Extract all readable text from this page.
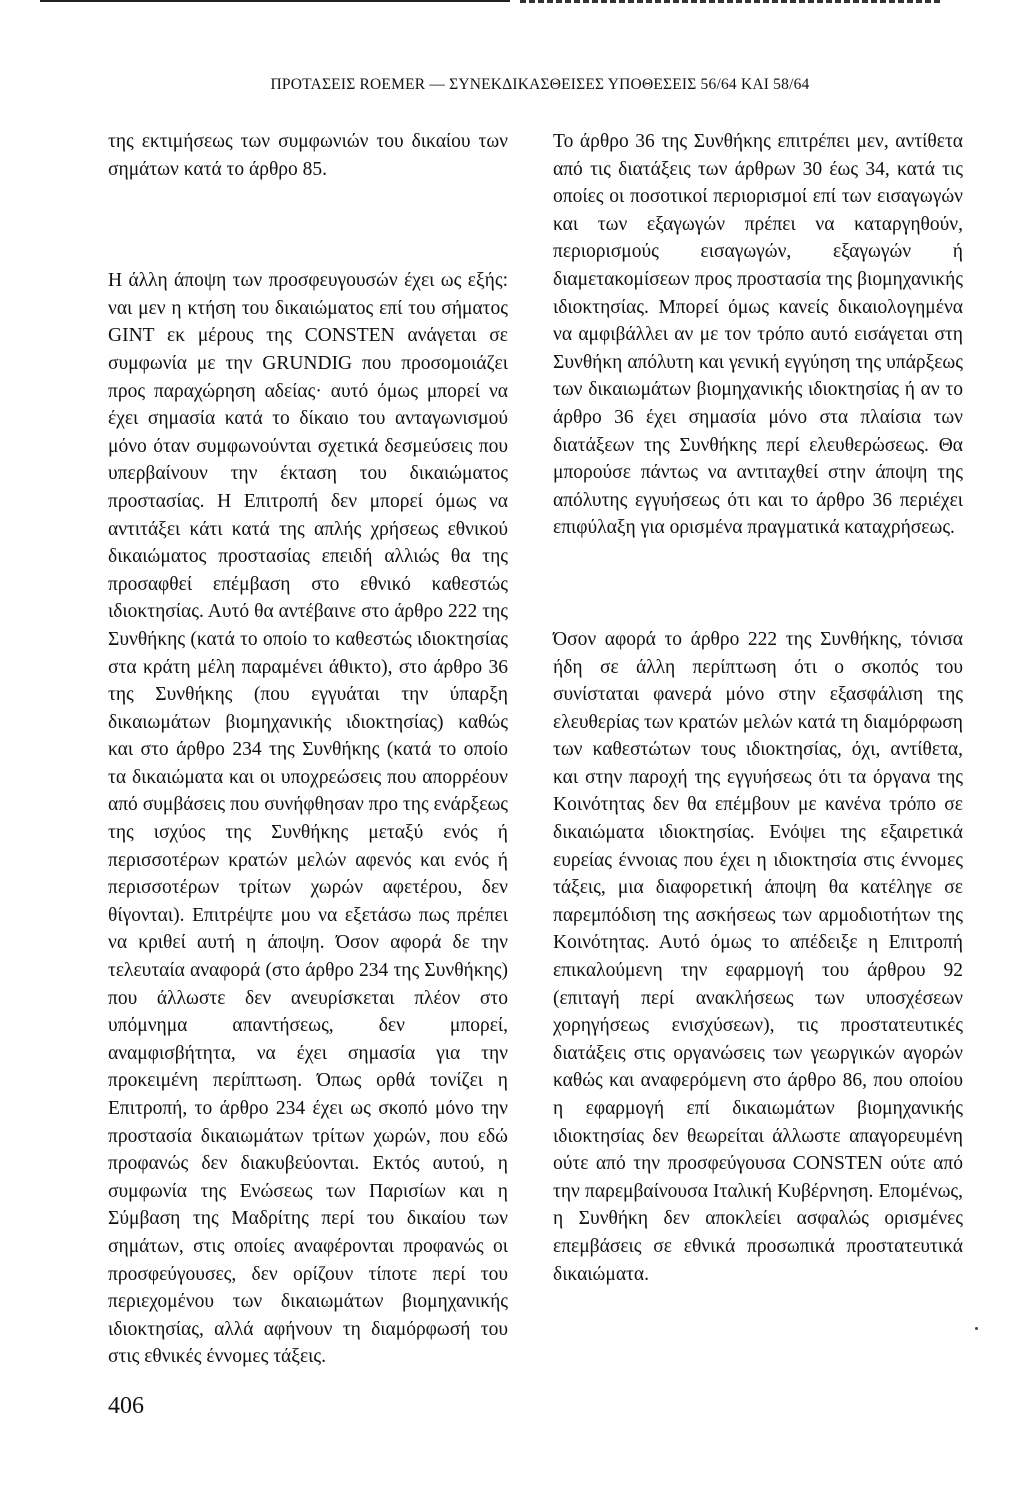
ΠΡΟΤΑΣΕΙΣ ROEMER — ΣΥΝΕΚΔΙΚΑΣΘΕΙΣΕΣ ΥΠΟΘΕΣΕΙΣ 56/64 ΚΑΙ 58/64

της εκτιμήσεως των συμφωνιών του δικαίου των σημάτων κατά το άρθρο 85.

Η άλλη άποψη των προσφευγουσών έχει ως εξής: ναι μεν η κτήση του δικαιώματος επί του σήματος GINT εκ μέρους της CONSTEN ανάγεται σε συμφωνία με την GRUNDIG που προσομοιάζει προς παραχώρηση αδείας· αυτό όμως μπορεί να έχει σημασία κατά το δίκαιο του ανταγωνισμού μόνο όταν συμφωνούνται σχετικά δεσμεύσεις που υπερβαίνουν την έκταση του δικαιώματος προστασίας. Η Επιτροπή δεν μπορεί όμως να αντιτάξει κάτι κατά της απλής χρήσεως εθνικού δικαιώματος προστασίας επειδή αλλιώς θα της προσαφθεί επέμβαση στο εθνικό καθεστώς ιδιοκτησίας. Αυτό θα αντέβαινε στο άρθρο 222 της Συνθήκης (κατά το οποίο το καθεστώς ιδιοκτησίας στα κράτη μέλη παραμένει άθικτο), στο άρθρο 36 της Συνθήκης (που εγγυάται την ύπαρξη δικαιωμάτων βιομηχανικής ιδιοκτησίας) καθώς και στο άρθρο 234 της Συνθήκης (κατά το οποίο τα δικαιώματα και οι υποχρεώσεις που απορρέουν από συμβάσεις που συνήφθησαν προ της ενάρξεως της ισχύος της Συνθήκης μεταξύ ενός ή περισσοτέρων κρατών μελών αφενός και ενός ή περισσοτέρων τρίτων χωρών αφετέρου, δεν θίγονται). Επιτρέψτε μου να εξετάσω πως πρέπει να κριθεί αυτή η άποψη. Όσον αφορά δε την τελευταία αναφορά (στο άρθρο 234 της Συνθήκης) που άλλωστε δεν ανευρίσκεται πλέον στο υπόμνημα απαντήσεως, δεν μπορεί, αναμφισβήτητα, να έχει σημασία για την προκειμένη περίπτωση. Όπως ορθά τονίζει η Επιτροπή, το άρθρο 234 έχει ως σκοπό μόνο την προστασία δικαιωμάτων τρίτων χωρών, που εδώ προφανώς δεν διακυβεύονται. Εκτός αυτού, η συμφωνία της Ενώσεως των Παρισίων και η Σύμβαση της Μαδρίτης περί του δικαίου των σημάτων, στις οποίες αναφέρονται προφανώς οι προσφεύγουσες, δεν ορίζουν τίποτε περί του περιεχομένου των δικαιωμάτων βιομηχανικής ιδιοκτησίας, αλλά αφήνουν τη διαμόρφωσή του στις εθνικές έννομες τάξεις.

Το άρθρο 36 της Συνθήκης επιτρέπει μεν, αντίθετα από τις διατάξεις των άρθρων 30 έως 34, κατά τις οποίες οι ποσοτικοί περιορισμοί επί των εισαγωγών και των εξαγωγών πρέπει να καταργηθούν, περιορισμούς εισαγωγών, εξαγωγών ή διαμετακομίσεων προς προστασία της βιομηχανικής ιδιοκτησίας. Μπορεί όμως κανείς δικαιολογημένα να αμφιβάλλει αν με τον τρόπο αυτό εισάγεται στη Συνθήκη απόλυτη και γενική εγγύηση της υπάρξεως των δικαιωμάτων βιομηχανικής ιδιοκτησίας ή αν το άρθρο 36 έχει σημασία μόνο στα πλαίσια των διατάξεων της Συνθήκης περί ελευθερώσεως. Θα μπορούσε πάντως να αντιταχθεί στην άποψη της απόλυτης εγγυήσεως ότι και το άρθρο 36 περιέχει επιφύλαξη για ορισμένα πραγματικά καταχρήσεως.

Όσον αφορά το άρθρο 222 της Συνθήκης, τόνισα ήδη σε άλλη περίπτωση ότι ο σκοπός του συνίσταται φανερά μόνο στην εξασφάλιση της ελευθερίας των κρατών μελών κατά τη διαμόρφωση των καθεστώτων τους ιδιοκτησίας, όχι, αντίθετα, και στην παροχή της εγγυήσεως ότι τα όργανα της Κοινότητας δεν θα επέμβουν με κανένα τρόπο σε δικαιώματα ιδιοκτησίας. Ενόψει της εξαιρετικά ευρείας έννοιας που έχει η ιδιοκτησία στις έννομες τάξεις, μια διαφορετική άποψη θα κατέληγε σε παρεμπόδιση της ασκήσεως των αρμοδιοτήτων της Κοινότητας. Αυτό όμως το απέδειξε η Επιτροπή επικαλούμενη την εφαρμογή του άρθρου 92 (επιταγή περί ανακλήσεως των υποσχέσεων χορηγήσεως ενισχύσεων), τις προστατευτικές διατάξεις στις οργανώσεις των γεωργικών αγορών καθώς και αναφερόμενη στο άρθρο 86, που οποίου η εφαρμογή επί δικαιωμάτων βιομηχανικής ιδιοκτησίας δεν θεωρείται άλλωστε απαγορευμένη ούτε από την προσφεύγουσα CONSTEN ούτε από την παρεμβαίνουσα Ιταλική Κυβέρνηση. Επομένως, η Συνθήκη δεν αποκλείει ασφαλώς ορισμένες επεμβάσεις σε εθνικά προσωπικά προστατευτικά δικαιώματα.

406
